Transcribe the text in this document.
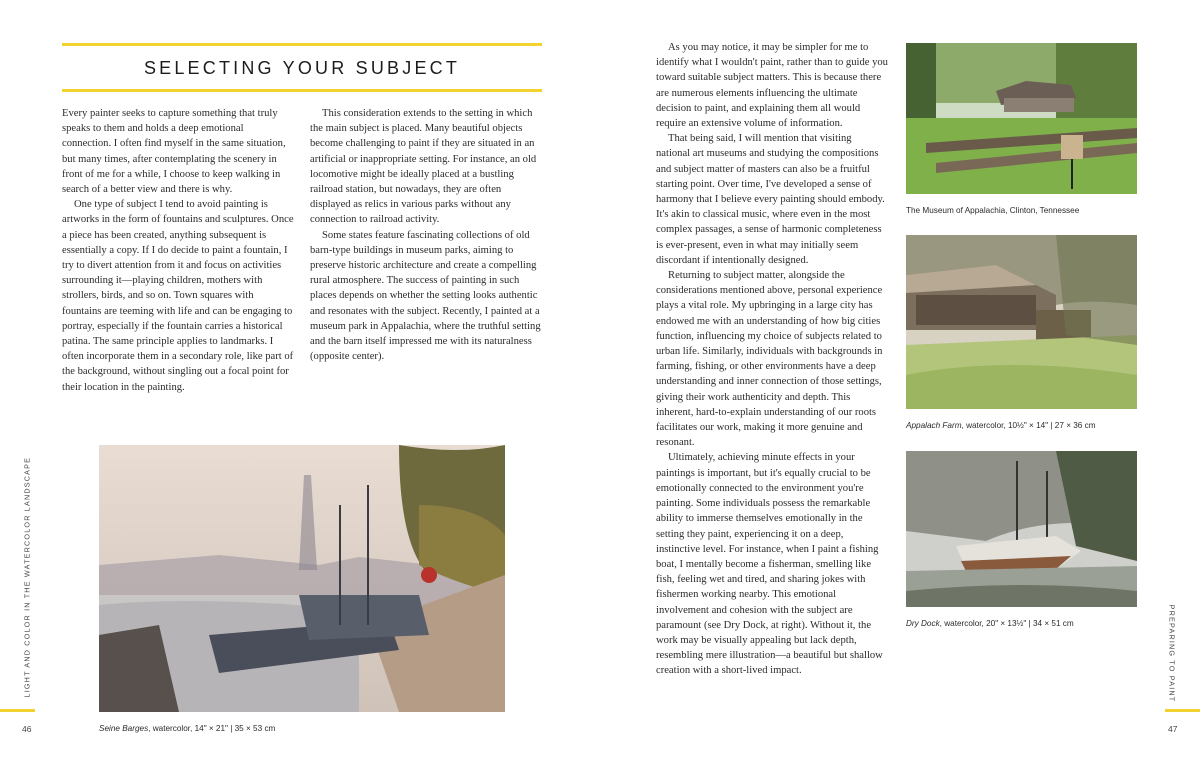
SELECTING YOUR SUBJECT

Every painter seeks to capture something that truly speaks to them and holds a deep emotional connection. I often find myself in the same situation, but many times, after contemplating the scenery in front of me for a while, I choose to keep walking in search of a better view and there is why.

One type of subject I tend to avoid painting is artworks in the form of fountains and sculptures. Once a piece has been created, anything subsequent is essentially a copy. If I do decide to paint a fountain, I try to divert attention from it and focus on activities surrounding it—playing children, mothers with strollers, birds, and so on. Town squares with fountains are teeming with life and can be engaging to portray, especially if the fountain carries a historical patina. The same principle applies to landmarks. I often incorporate them in a secondary role, like part of the background, without singling out a focal point for their location in the painting.

This consideration extends to the setting in which the main subject is placed. Many beautiful objects become challenging to paint if they are situated in an artificial or inappropriate setting. For instance, an old locomotive might be ideally placed at a bustling railroad station, but nowadays, they are often displayed as relics in various parks without any connection to railroad activity.

Some states feature fascinating collections of old barn-type buildings in museum parks, aiming to preserve historic architecture and create a compelling rural atmosphere. The success of painting in such places depends on whether the setting looks authentic and resonates with the subject. Recently, I painted at a museum park in Appalachia, where the truthful setting and the barn itself impressed me with its naturalness (opposite center).

Seine Barges, watercolor, 14" × 21" | 35 × 53 cm
LIGHT AND COLOR IN THE WATERCOLOR LANDSCAPE
46

As you may notice, it may be simpler for me to identify what I wouldn't paint, rather than to guide you toward suitable subject matters. This is because there are numerous elements influencing the ultimate decision to paint, and explaining them all would require an extensive volume of information.

That being said, I will mention that visiting national art museums and studying the compositions and subject matter of masters can also be a fruitful starting point. Over time, I've developed a sense of harmony that I believe every painting should embody. It's akin to classical music, where even in the most complex passages, a sense of harmonic completeness is ever-present, even in what may initially seem discordant if intentionally designed.

Returning to subject matter, alongside the considerations mentioned above, personal experience plays a vital role. My upbringing in a large city has endowed me with an understanding of how big cities function, influencing my choice of subjects related to urban life. Similarly, individuals with backgrounds in farming, fishing, or other environments have a deep understanding and inner connection of those settings, giving their work authenticity and depth. This inherent, hard-to-explain understanding of our roots facilitates our work, making it more genuine and resonant.

Ultimately, achieving minute effects in your paintings is important, but it's equally crucial to be emotionally connected to the environment you're painting. Some individuals possess the remarkable ability to immerse themselves emotionally in the setting they paint, experiencing it on a deep, instinctive level. For instance, when I paint a fishing boat, I mentally become a fisherman, smelling like fish, feeling wet and tired, and sharing jokes with fishermen working nearby. This emotional involvement and cohesion with the subject are paramount (see Dry Dock, at right). Without it, the work may be visually appealing but lack depth, resembling mere illustration—a beautiful but shallow creation with a short-lived impact.

The Museum of Appalachia, Clinton, Tennessee
Appalach Farm, watercolor, 10½" × 14" | 27 × 36 cm
Dry Dock, watercolor, 20" × 13½" | 34 × 51 cm	PREPARING TO PAINT
47
